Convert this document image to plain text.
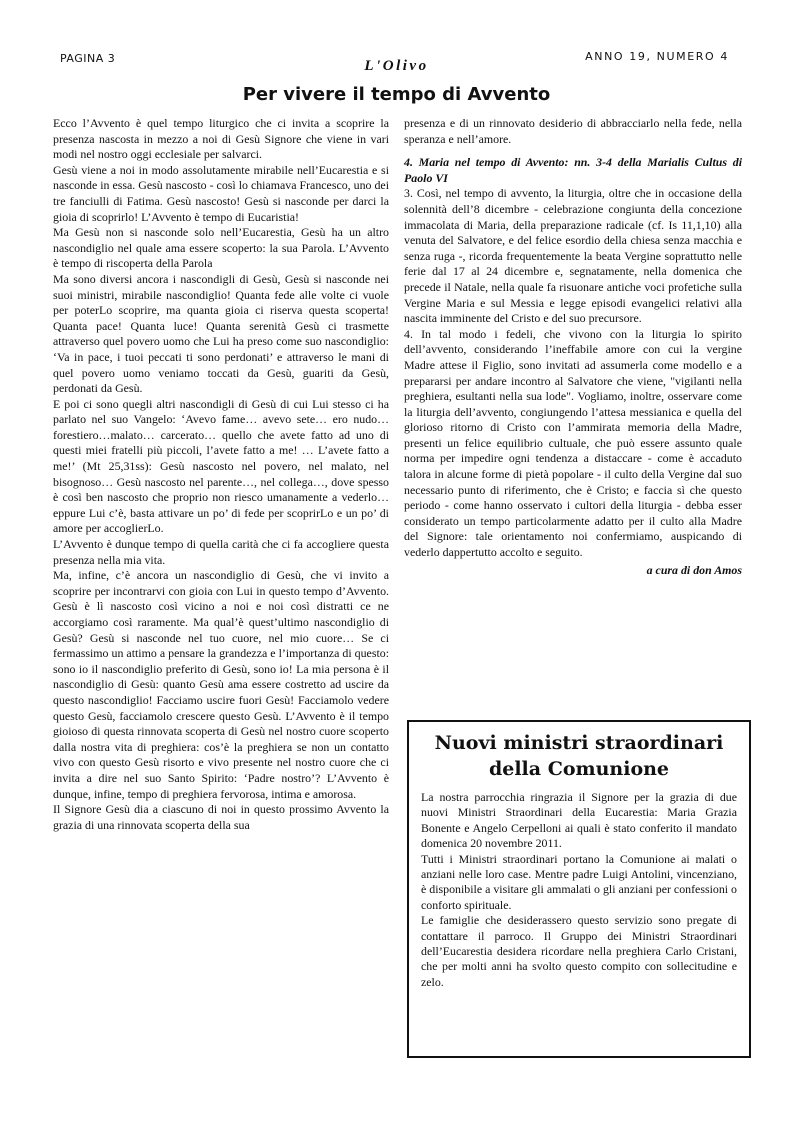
PAGINA 3	L'Olivo
ANNO 19, NUMERO 4
Per vivere il tempo di Avvento

Ecco l’Avvento è quel tempo liturgico che ci invita a scoprire la presenza nascosta in mezzo a noi di Gesù Signore che viene in vari modi nel nostro oggi ecclesiale per salvarci.

Gesù viene a noi in modo assolutamente mirabile nell’Eucarestia e si nasconde in essa. Gesù nascosto - così lo chiamava Francesco, uno dei tre fanciulli di Fatima. Gesù nascosto! Gesù si nasconde per darci la gioia di scoprirlo! L’Avvento è tempo di Eucaristia!

Ma Gesù non si nasconde solo nell’Eucarestia, Gesù ha un altro nascondiglio nel quale ama essere scoperto: la sua Parola. L’Avvento è tempo di riscoperta della Parola

Ma sono diversi ancora i nascondigli di Gesù, Gesù si nasconde nei suoi ministri, mirabile nascondiglio! Quanta fede alle volte ci vuole per poterLo scoprire, ma quanta gioia ci riserva questa scoperta! Quanta pace! Quanta luce! Quanta serenità Gesù ci trasmette attraverso quel povero uomo che Lui ha preso come suo nascondiglio: ‘Va in pace, i tuoi peccati ti sono perdonati’ e attraverso le mani di quel povero uomo veniamo toccati da Gesù, guariti da Gesù, perdonati da Gesù.

E poi ci sono quegli altri nascondigli di Gesù di cui Lui stesso ci ha parlato nel suo Vangelo: ‘Avevo fame… avevo sete… ero nudo… forestiero…malato… carcerato… quello che avete fatto ad uno di questi miei fratelli più piccoli, l’avete fatto a me! … L’avete fatto a me!’ (Mt 25,31ss): Gesù nascosto nel povero, nel malato, nel bisognoso… Gesù nascosto nel parente…, nel collega…, dove spesso è così ben nascosto che proprio non riesco umanamente a vederlo… eppure Lui c’è, basta attivare un po’ di fede per scoprirLo e un po’ di amore per accoglierLo.

L’Avvento è dunque tempo di quella carità che ci fa accogliere questa presenza nella mia vita.

Ma, infine, c’è ancora un nascondiglio di Gesù, che vi invito a scoprire per incontrarvi con gioia con Lui in questo tempo d’Avvento. Gesù è lì nascosto così vicino a noi e noi così distratti ce ne accorgiamo così raramente. Ma qual’è quest’ultimo nascondiglio di Gesù? Gesù si nasconde nel tuo cuore, nel mio cuore… Se ci fermassimo un attimo a pensare la grandezza e l’importanza di questo: sono io il nascondiglio preferito di Gesù, sono io! La mia persona è il nascondiglio di Gesù: quanto Gesù ama essere costretto ad uscire da questo nascondiglio! Facciamo uscire fuori Gesù! Facciamolo vedere questo Gesù, facciamolo crescere questo Gesù. L’Avvento è il tempo gioioso di questa rinnovata scoperta di Gesù nel nostro cuore scoperto dalla nostra vita di preghiera: cos’è la preghiera se non un contatto vivo con questo Gesù risorto e vivo presente nel nostro cuore che ci invita a dire nel suo Santo Spirito: ‘Padre nostro’? L’Avvento è dunque, infine, tempo di preghiera fervorosa, intima e amorosa.

Il Signore Gesù dia a ciascuno di noi in questo prossimo Avvento la grazia di una rinnovata scoperta della sua

presenza e di un rinnovato desiderio di abbracciarlo nella fede, nella speranza e nell’amore.

4. Maria nel tempo di Avvento: nn. 3-4 della Marialis Cultus di Paolo VI

3. Così, nel tempo di avvento, la liturgia, oltre che in occasione della solennità dell’8 dicembre - celebrazione congiunta della concezione immacolata di Maria, della preparazione radicale (cf. Is 11,1,10) alla venuta del Salvatore, e del felice esordio della chiesa senza macchia e senza ruga -, ricorda frequentemente la beata Vergine soprattutto nelle ferie dal 17 al 24 dicembre e, segnatamente, nella domenica che precede il Natale, nella quale fa risuonare antiche voci profetiche sulla Vergine Maria e sul Messia e legge episodi evangelici relativi alla nascita imminente del Cristo e del suo precursore.

4. In tal modo i fedeli, che vivono con la liturgia lo spirito dell’avvento, considerando l’ineffabile amore con cui la vergine Madre attese il Figlio, sono invitati ad assumerla come modello e a prepararsi per andare incontro al Salvatore che viene, "vigilanti nella preghiera, esultanti nella sua lode". Vogliamo, inoltre, osservare come la liturgia dell’avvento, congiungendo l’attesa messianica e quella del glorioso ritorno di Cristo con l’ammirata memoria della Madre, presenti un felice equilibrio cultuale, che può essere assunto quale norma per impedire ogni tendenza a distaccare - come è accaduto talora in alcune forme di pietà popolare - il culto della Vergine dal suo necessario punto di riferimento, che è Cristo; e faccia sì che questo periodo - come hanno osservato i cultori della liturgia - debba esser considerato un tempo particolarmente adatto per il culto alla Madre del Signore: tale orientamento noi confermiamo, auspicando di vederlo dappertutto accolto e seguito.

a cura di don Amos

Nuovi ministri straordinari della Comunione

La nostra parrocchia ringrazia il Signore per la grazia di due nuovi Ministri Straordinari della Eucarestia: Maria Grazia Bonente e Angelo Cerpelloni ai quali è stato conferito il mandato domenica 20 novembre 2011.

Tutti i Ministri straordinari portano la Comunione ai malati o anziani nelle loro case. Mentre padre Luigi Antolini, vincenziano, è disponibile a visitare gli ammalati o gli anziani per confessioni o conforto spirituale.

Le famiglie che desiderassero questo servizio sono pregate di contattare il parroco. Il Gruppo dei Ministri Straordinari dell’Eucarestia desidera ricordare nella preghiera Carlo Cristani, che per molti anni ha svolto questo compito con sollecitudine e zelo.
